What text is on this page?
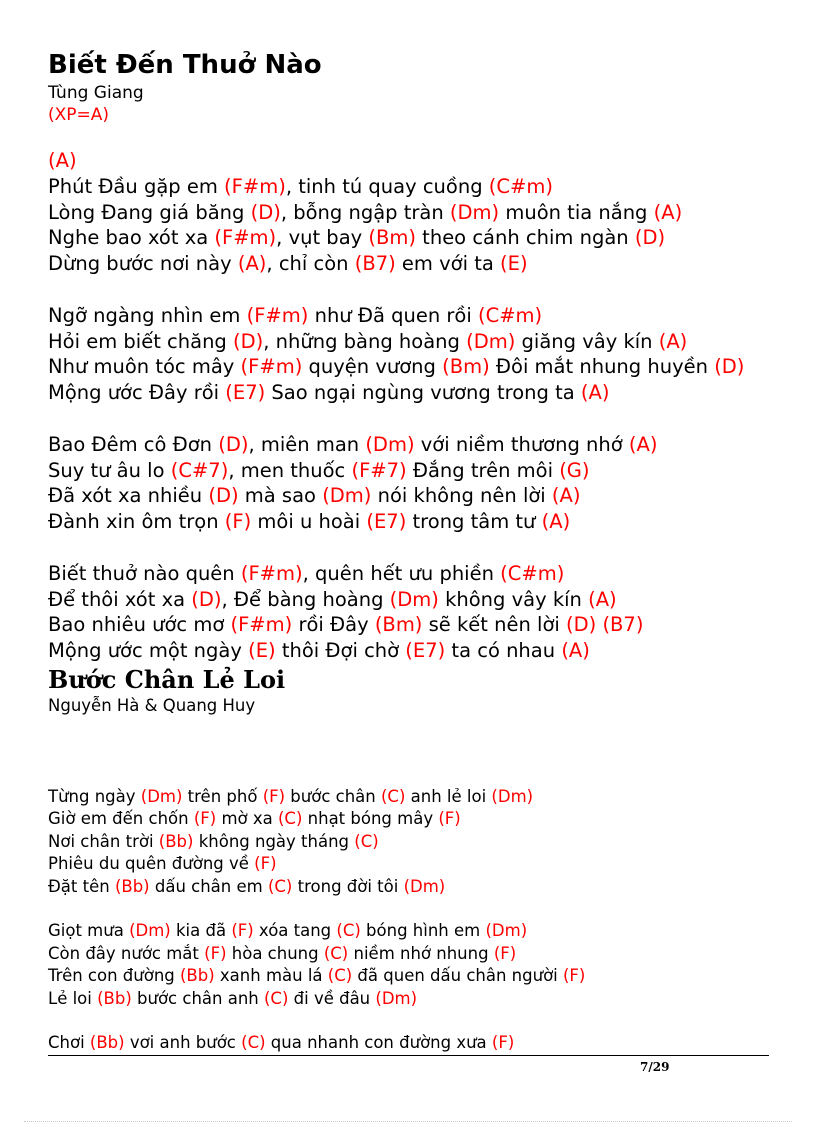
Biết Đến Thuở Nào
Tùng Giang
(XP=A)
(A)
Phút Đầu gặp em (F#m), tinh tú quay cuồng (C#m)
Lòng Đang giá băng (D), bỗng ngập tràn (Dm) muôn tia nắng (A)
Nghe bao xót xa (F#m), vụt bay (Bm) theo cánh chim ngàn (D)
Dừng bước nơi này (A), chỉ còn (B7) em với ta (E)
Ngỡ ngàng nhìn em (F#m) như Đã quen rồi (C#m)
Hỏi em biết chăng (D), những bàng hoàng (Dm) giăng vây kín (A)
Như muôn tóc mây (F#m) quyện vương (Bm) Đôi mắt nhung huyền (D)
Mộng ước Đây rồi (E7) Sao ngại ngùng vương trong ta (A)
Bao Đêm cô Đơn (D), miên man (Dm) với niềm thương nhớ (A)
Suy tư âu lo (C#7), men thuốc (F#7) Đắng trên môi (G)
Đã xót xa nhiều (D) mà sao (Dm) nói không nên lời (A)
Đành xin ôm trọn (F) môi u hoài (E7) trong tâm tư (A)
Biết thuở nào quên (F#m), quên hết ưu phiền (C#m)
Để thôi xót xa (D), Để bàng hoàng (Dm) không vây kín (A)
Bao nhiêu ước mơ (F#m) rồi Đây (Bm) sẽ kết nên lời (D) (B7)
Mộng ước một ngày (E) thôi Đợi chờ (E7) ta có nhau (A)
Bước Chân Lẻ Loi
Nguyễn Hà & Quang Huy
Từng ngày (Dm) trên phố (F) bước chân (C) anh lẻ loi (Dm)
Giờ em đến chốn (F) mờ xa (C) nhạt bóng mây (F)
Nơi chân trời (Bb) không ngày tháng (C)
Phiêu du quên đường về (F)
Đặt tên (Bb) dấu chân em (C) trong đời tôi (Dm)
Giọt mưa (Dm) kia đã (F) xóa tang (C) bóng hình em (Dm)
Còn đây nước mắt (F) hòa chung (C) niềm nhớ nhung (F)
Trên con đường (Bb) xanh màu lá (C) đã quen dấu chân người (F)
Lẻ loi (Bb) bước chân anh (C) đi về đâu (Dm)
Chơi (Bb) vơi anh bước (C) qua nhanh con đường xưa (F)
7/29
